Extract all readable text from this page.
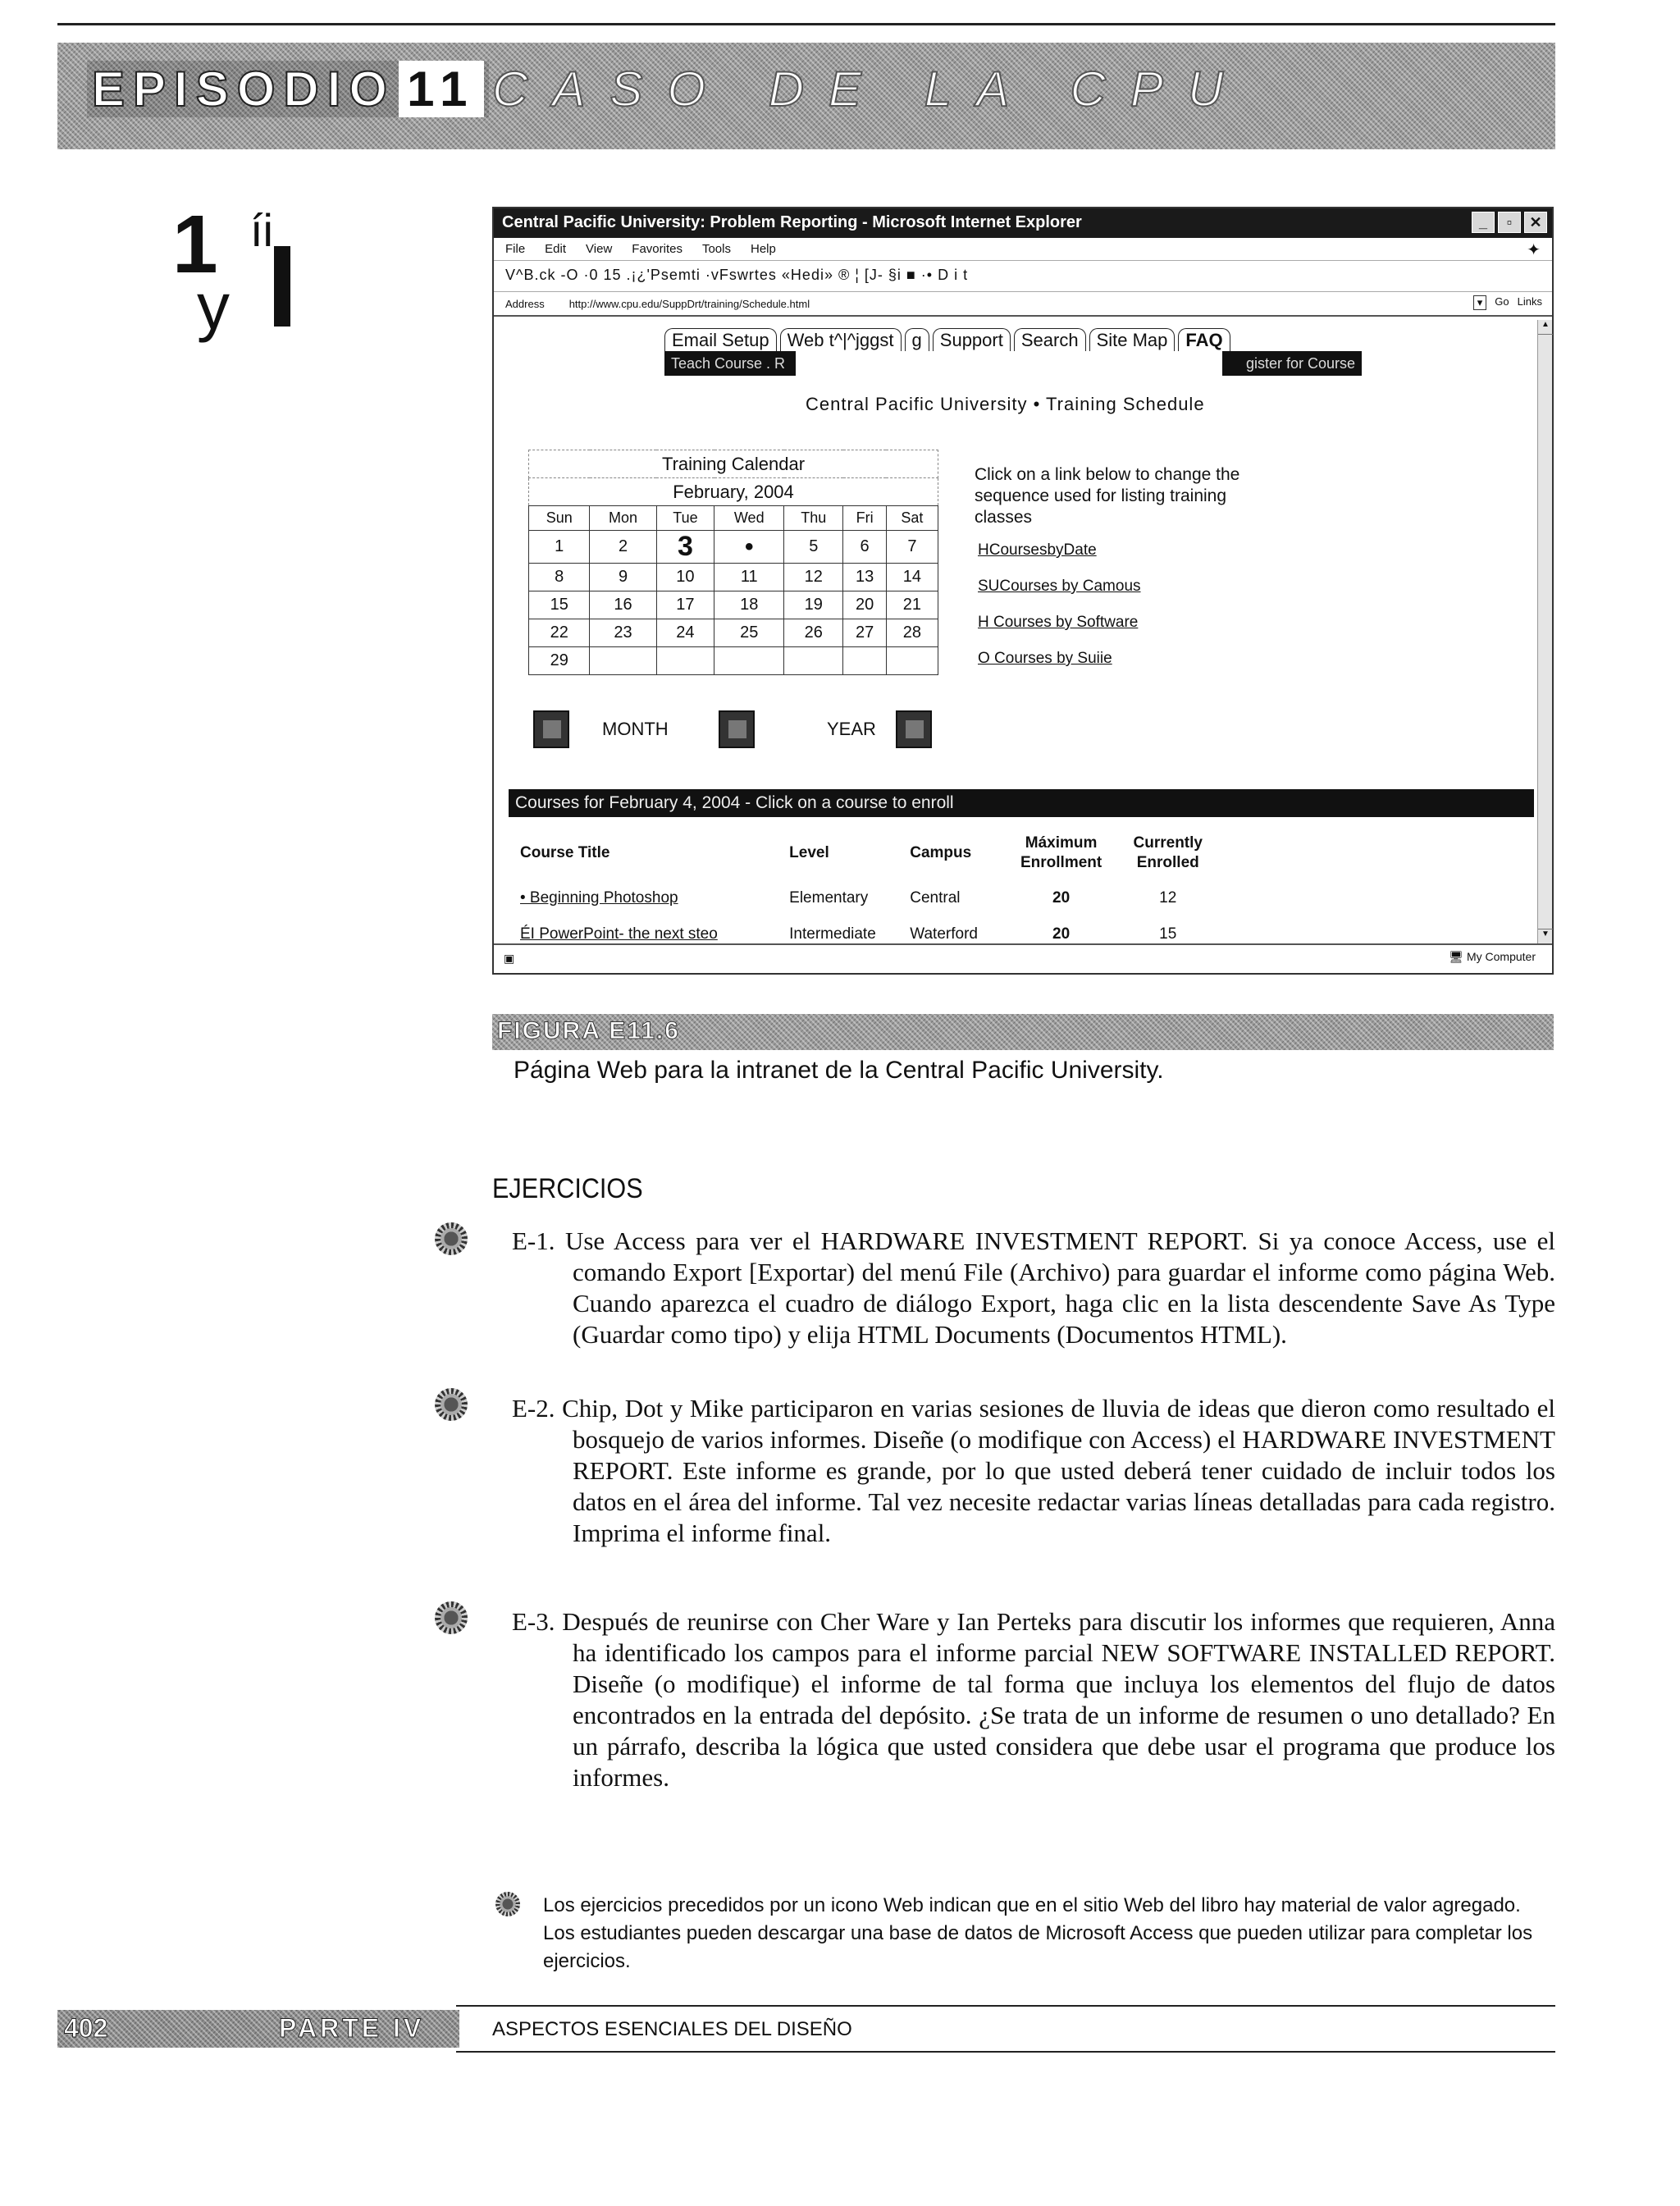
EPISODIO 11 CASO DE LA CPU
1 íi
y
Central Pacific University: Problem Reporting - Microsoft Internet Explorer	_	▫	✕
File Edit View Favorites Tools Help	✦
V^B.ck -O ·0 15 .¡¿'Psemti ·vFswrtes «Hedi» ® ¦ [J- §i ■ ·• D i t
Address http://www.cpu.edu/SuppDrt/training/Schedule.html	▾	Go Links
Email Setup	Web t^|^jggst	g	Support	Search	Site Map	FAQ
Teach Course . R	gister for Course
Central Pacific University • Training Schedule
Training Calendar						
February, 2004						
Sun	Mon	Tue	Wed	Thu	Fri	Sat
1	2	3	•	5	6	7
8	9	10	11	12	13	14
15	16	17	18	19	20	21
22	23	24	25	26	27	28
29						
MONTH	YEAR
Click on a link below to change the sequence used for listing training classes
HCoursesbyDate
SUCourses by Camous
H Courses by Software
O Courses by Suiie
Courses for February 4, 2004 - Click on a course to enroll
Course Title	Level	Campus	Máximum Enrollment	Currently Enrolled
• Beginning Photoshop	Elementary	Central	20	12
ÉI PowerPoint- the next steo	Intermediate	Waterford	20	15
▲
▼
▣	🖥 My Computer
FIGURA E11.6
Página Web para la intranet de la Central Pacific University.
EJERCICIOS
E-1. Use Access para ver el HARDWARE INVESTMENT REPORT. Si ya conoce Access, use el comando Export [Exportar) del menú File (Archivo) para guardar el informe como página Web. Cuando aparezca el cuadro de diálogo Export, haga clic en la lista descendente Save As Type (Guardar como tipo) y elija HTML Documents (Documentos HTML).
E-2. Chip, Dot y Mike participaron en varias sesiones de lluvia de ideas que dieron como resultado el bosquejo de varios informes. Diseñe (o modifique con Access) el HARDWARE INVESTMENT REPORT. Este informe es grande, por lo que usted deberá tener cuidado de incluir todos los datos en el área del informe. Tal vez necesite redactar varias líneas detalladas para cada registro. Imprima el informe final.
E-3. Después de reunirse con Cher Ware y Ian Perteks para discutir los informes que requieren, Anna ha identificado los campos para el informe parcial NEW SOFTWARE INSTALLED REPORT. Diseñe (o modifique) el informe de tal forma que incluya los elementos del flujo de datos encontrados en la entrada del depósito. ¿Se trata de un informe de resumen o uno detallado? En un párrafo, describa la lógica que usted considera que debe usar el programa que produce los informes.
Los ejercicios precedidos por un icono Web indican que en el sitio Web del libro hay material de valor agregado. Los estudiantes pueden descargar una base de datos de Microsoft Access que pueden utilizar para completar los ejercicios.
402	PARTE IV	ASPECTOS ESENCIALES DEL DISEÑO
